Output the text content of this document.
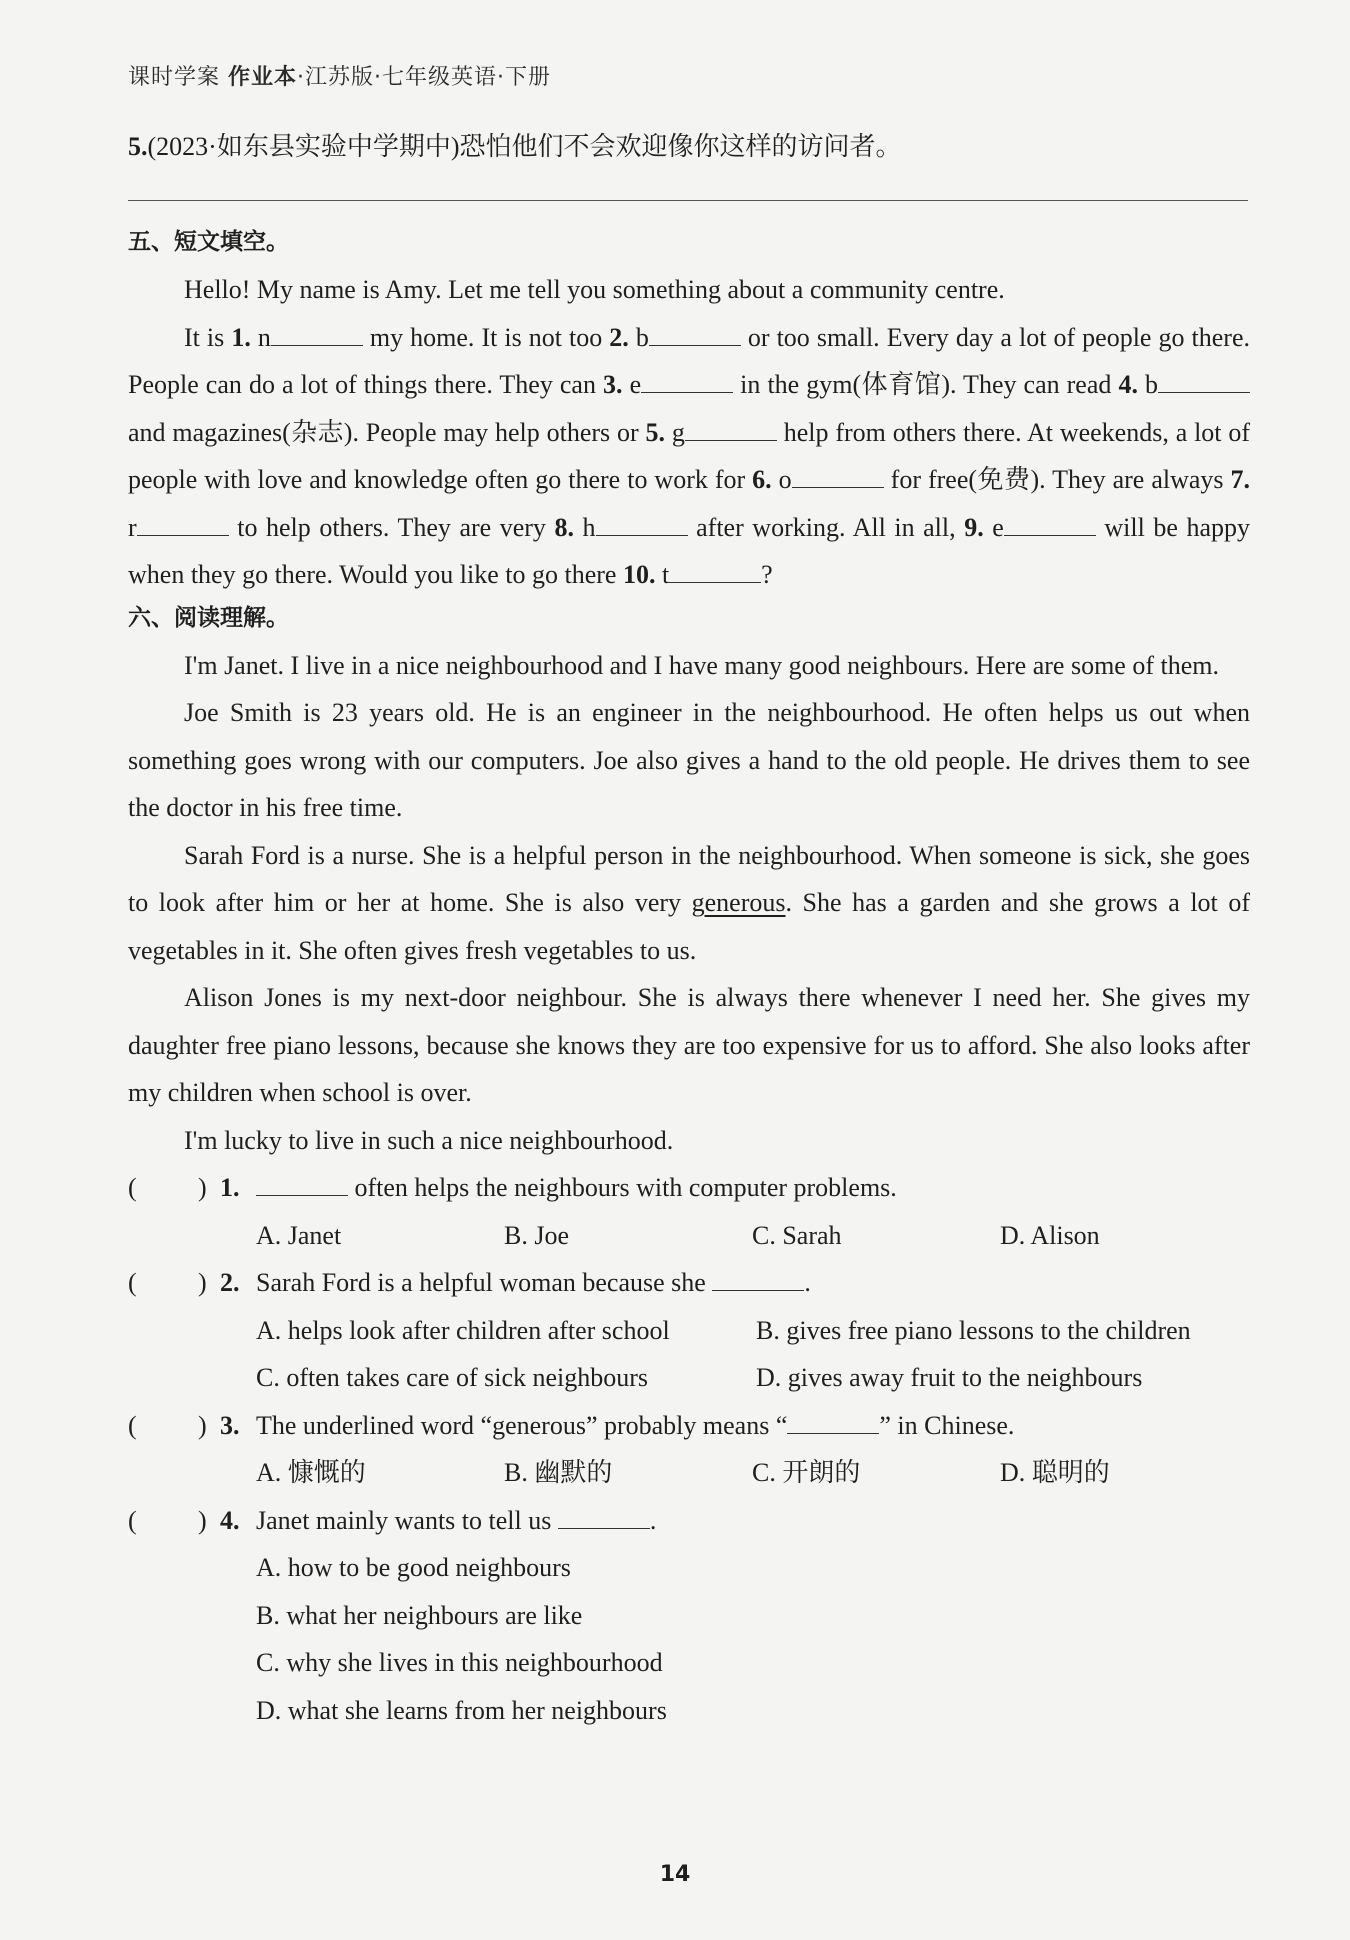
课时学案 作业本·江苏版·七年级英语·下册

5.(2023·如东县实验中学期中)恐怕他们不会欢迎像你这样的访问者。

五、短文填空。

Hello! My name is Amy. Let me tell you something about a community centre.

It is 1. n	my home. It is not too 2. b	or too small. Every day a lot of people go there. People can do a lot of things there. They can 3. e	in the gym(体育馆). They can read 4. b and magazines(杂志). People may help others or 5. g	help from others there. At weekends, a lot of people with love and knowledge often go there to work for 6. o	for free(免费). They are always 7. r	to help others. They are very 8. h	after working. All in all, 9. e	will be happy when they go there. Would you like to go there 10. t	?

六、阅读理解。

I'm Janet. I live in a nice neighbourhood and I have many good neighbours. Here are some of them.

Joe Smith is 23 years old. He is an engineer in the neighbourhood. He often helps us out when something goes wrong with our computers. Joe also gives a hand to the old people. He drives them to see the doctor in his free time.

Sarah Ford is a nurse. She is a helpful person in the neighbourhood. When someone is sick, she goes to look after him or her at home. She is also very generous. She has a garden and she grows a lot of vegetables in it. She often gives fresh vegetables to us.

Alison Jones is my next-door neighbour. She is always there whenever I need her. She gives my daughter free piano lessons, because she knows they are too expensive for us to afford. She also looks after my children when school is over.

I'm lucky to live in such a nice neighbourhood.

( ) 1.	often helps the neighbours with computer problems.

A. Janet	B. Joe	C. Sarah	D. Alison

( ) 2. Sarah Ford is a helpful woman because she	.

A. helps look after children after school	B. gives free piano lessons to the children
C. often takes care of sick neighbours	D. gives away fruit to the neighbours

( ) 3. The underlined word “generous” probably means “	” in Chinese.

A. 慷慨的	B. 幽默的	C. 开朗的	D. 聪明的

( ) 4. Janet mainly wants to tell us	.

A. how to be good neighbours
B. what her neighbours are like
C. why she lives in this neighbourhood
D. what she learns from her neighbours
14
